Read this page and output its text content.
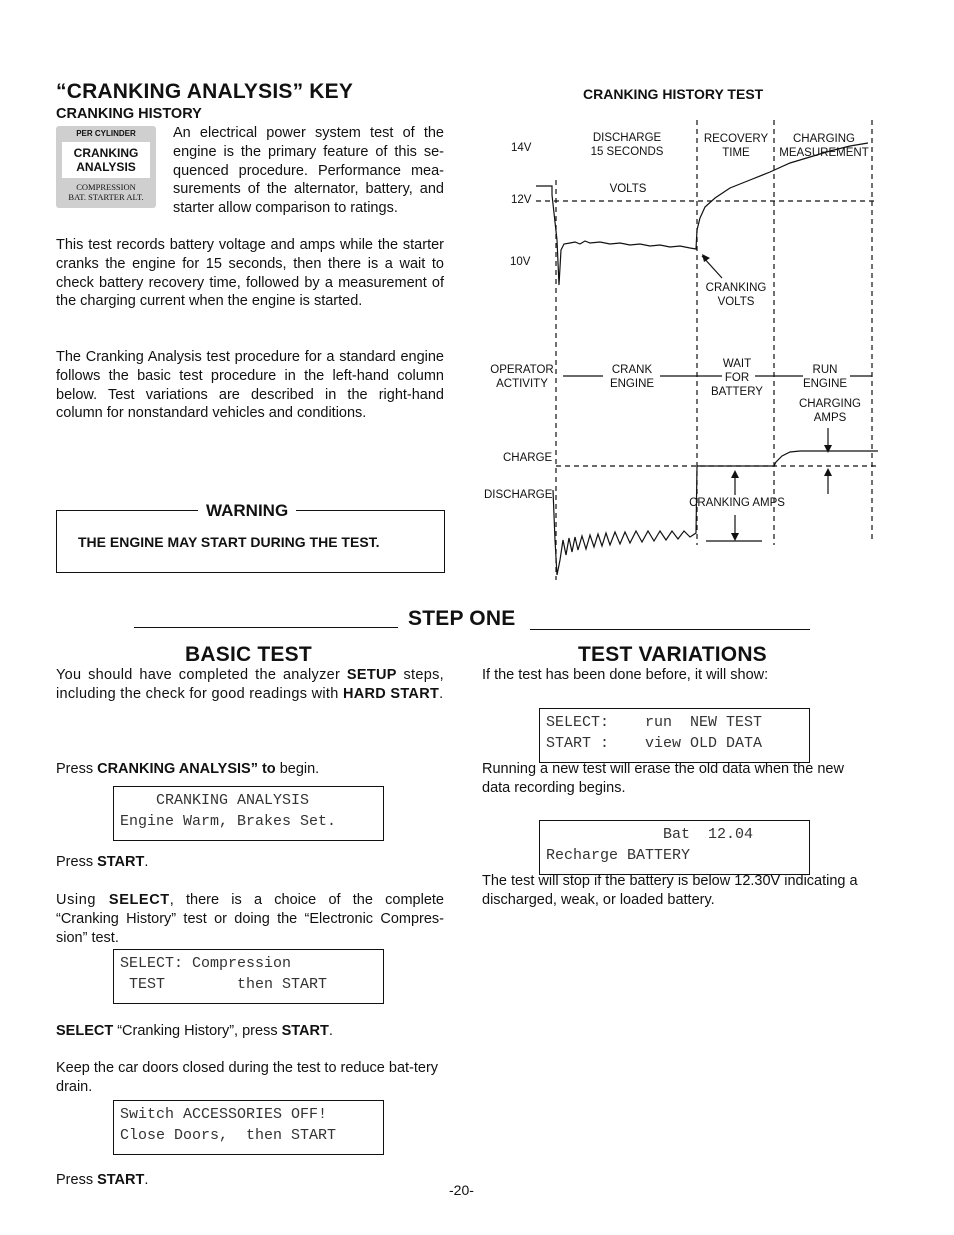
“CRANKING ANALYSIS” KEY
CRANKING HISTORY
PER CYLINDER
CRANKING
ANALYSIS
COMPRESSION
BAT. STARTER ALT.
An electrical power system test of the engine is the primary feature of this se-quenced procedure. Performance mea-surements of the alternator, battery, and starter allow comparison to ratings.
This test records battery voltage and amps while the starter cranks the engine for 15 seconds, then there is a wait to check battery recovery time, followed by a measurement of the charging current when the engine is started.
The Cranking Analysis test procedure for a standard engine follows the basic test procedure in the left-hand column below. Test variations are described in the right-hand column for nonstandard vehicles and conditions.
WARNING
THE ENGINE MAY START DURING THE TEST.
CRANKING HISTORY TEST
14V
12V
10V
DISCHARGE
15 SECONDS
RECOVERY
TIME
CHARGING
MEASUREMENT
VOLTS
CRANKING
VOLTS
OPERATOR
ACTIVITY
CRANK
ENGINE
WAIT
FOR
BATTERY
RUN
ENGINE
CHARGING
AMPS
CHARGE
DISCHARGE
CRANKING AMPS
STEP ONE
BASIC TEST
You should have completed the analyzer SETUP steps, including the check for good readings with HARD START.
Press CRANKING ANALYSIS” to begin.
CRANKING ANALYSIS
Engine Warm, Brakes Set.
Press START.
Using SELECT, there is a choice of the complete “Cranking History” test or doing the “Electronic Compres-sion” test.
SELECT: Compression
TEST        then START
SELECT “Cranking History”, press START.
Keep the car doors closed during the test to reduce bat-tery drain.
Switch ACCESSORIES OFF!
Close Doors,  then START
Press START.
TEST VARIATIONS
If the test has been done before, it will show:
SELECT:    run  NEW TEST
START :    view OLD DATA
Running a new test will erase the old data when the new data recording begins.
Bat  12.04
Recharge BATTERY
The test will stop if the battery is below 12.30V indicating a discharged, weak, or loaded battery.
-20-
